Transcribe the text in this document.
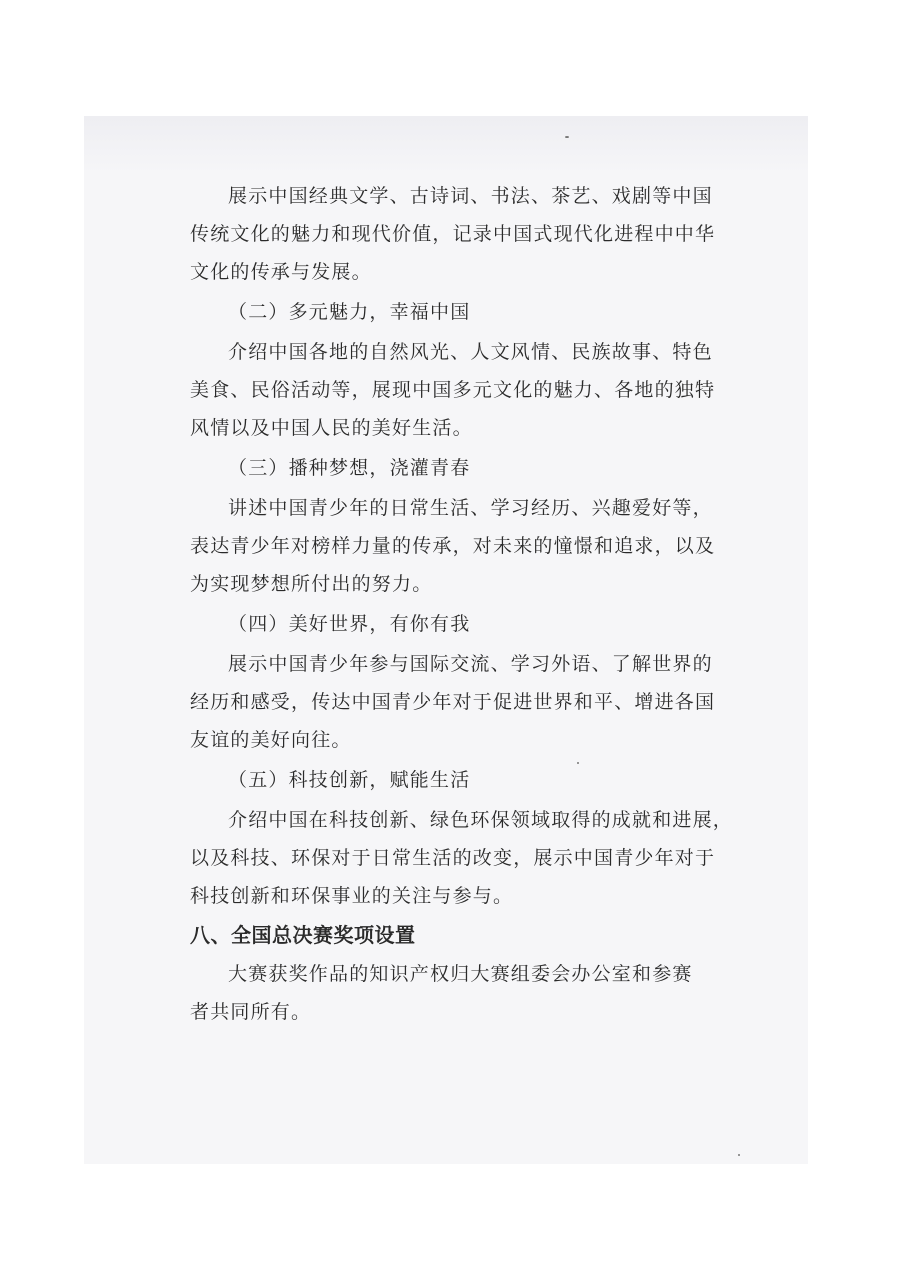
展示中国经典文学、古诗词、书法、茶艺、戏剧等中国
传统文化的魅力和现代价值，记录中国式现代化进程中中华
文化的传承与发展。
（二）多元魅力，幸福中国
介绍中国各地的自然风光、人文风情、民族故事、特色
美食、民俗活动等，展现中国多元文化的魅力、各地的独特
风情以及中国人民的美好生活。
（三）播种梦想，浇灌青春
讲述中国青少年的日常生活、学习经历、兴趣爱好等，
表达青少年对榜样力量的传承，对未来的憧憬和追求，以及
为实现梦想所付出的努力。
（四）美好世界，有你有我
展示中国青少年参与国际交流、学习外语、了解世界的
经历和感受，传达中国青少年对于促进世界和平、增进各国
友谊的美好向往。
（五）科技创新，赋能生活
介绍中国在科技创新、绿色环保领域取得的成就和进展，
以及科技、环保对于日常生活的改变，展示中国青少年对于
科技创新和环保事业的关注与参与。
八、全国总决赛奖项设置
大赛获奖作品的知识产权归大赛组委会办公室和参赛
者共同所有。
